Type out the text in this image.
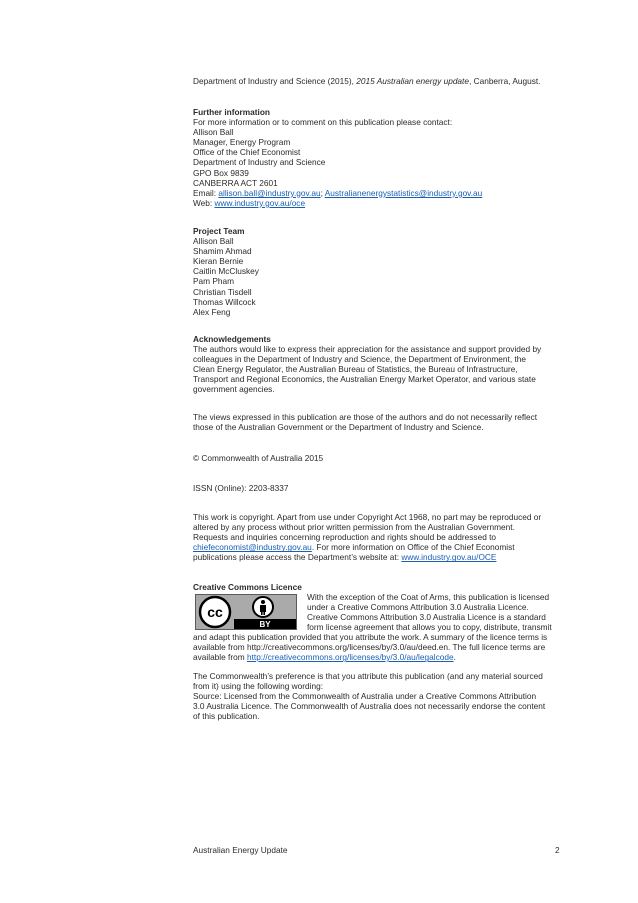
Department of Industry and Science (2015), 2015 Australian energy update, Canberra, August.
Further information
For more information or to comment on this publication please contact:
Allison Ball
Manager, Energy Program
Office of the Chief Economist
Department of Industry and Science
GPO Box 9839
CANBERRA ACT 2601
Email: allison.ball@industry.gov.au; Australianenergystatistics@industry.gov.au
Web: www.industry.gov.au/oce
Project Team
Allison Ball
Shamim Ahmad
Kieran Bernie
Caitlin McCluskey
Pam Pham
Christian Tisdell
Thomas Willcock
Alex Feng
Acknowledgements
The authors would like to express their appreciation for the assistance and support provided by
colleagues in the Department of Industry and Science, the Department of Environment, the
Clean Energy Regulator, the Australian Bureau of Statistics, the Bureau of Infrastructure,
Transport and Regional Economics, the Australian Energy Market Operator, and various state
government agencies.
The views expressed in this publication are those of the authors and do not necessarily reflect
those of the Australian Government or the Department of Industry and Science.
© Commonwealth of Australia 2015
ISSN (Online): 2203-8337
This work is copyright. Apart from use under Copyright Act 1968, no part may be reproduced or
altered by any process without prior written permission from the Australian Government.
Requests and inquiries concerning reproduction and rights should be addressed to
chiefeconomist@industry.gov.au. For more information on Office of the Chief Economist
publications please access the Department’s website at: www.industry.gov.au/OCE
Creative Commons Licence
BY
cc
With the exception of the Coat of Arms, this publication is licensed
under a Creative Commons Attribution 3.0 Australia Licence.
Creative Commons Attribution 3.0 Australia Licence is a standard
form license agreement that allows you to copy, distribute, transmit
and adapt this publication provided that you attribute the work. A summary of the licence terms is
available from http://creativecommons.org/licenses/by/3.0/au/deed.en. The full licence terms are
available from http://creativecommons.org/licenses/by/3.0/au/legalcode.
The Commonwealth’s preference is that you attribute this publication (and any material sourced
from it) using the following wording:
Source: Licensed from the Commonwealth of Australia under a Creative Commons Attribution
3.0 Australia Licence. The Commonwealth of Australia does not necessarily endorse the content
of this publication.
Australian Energy Update	2
